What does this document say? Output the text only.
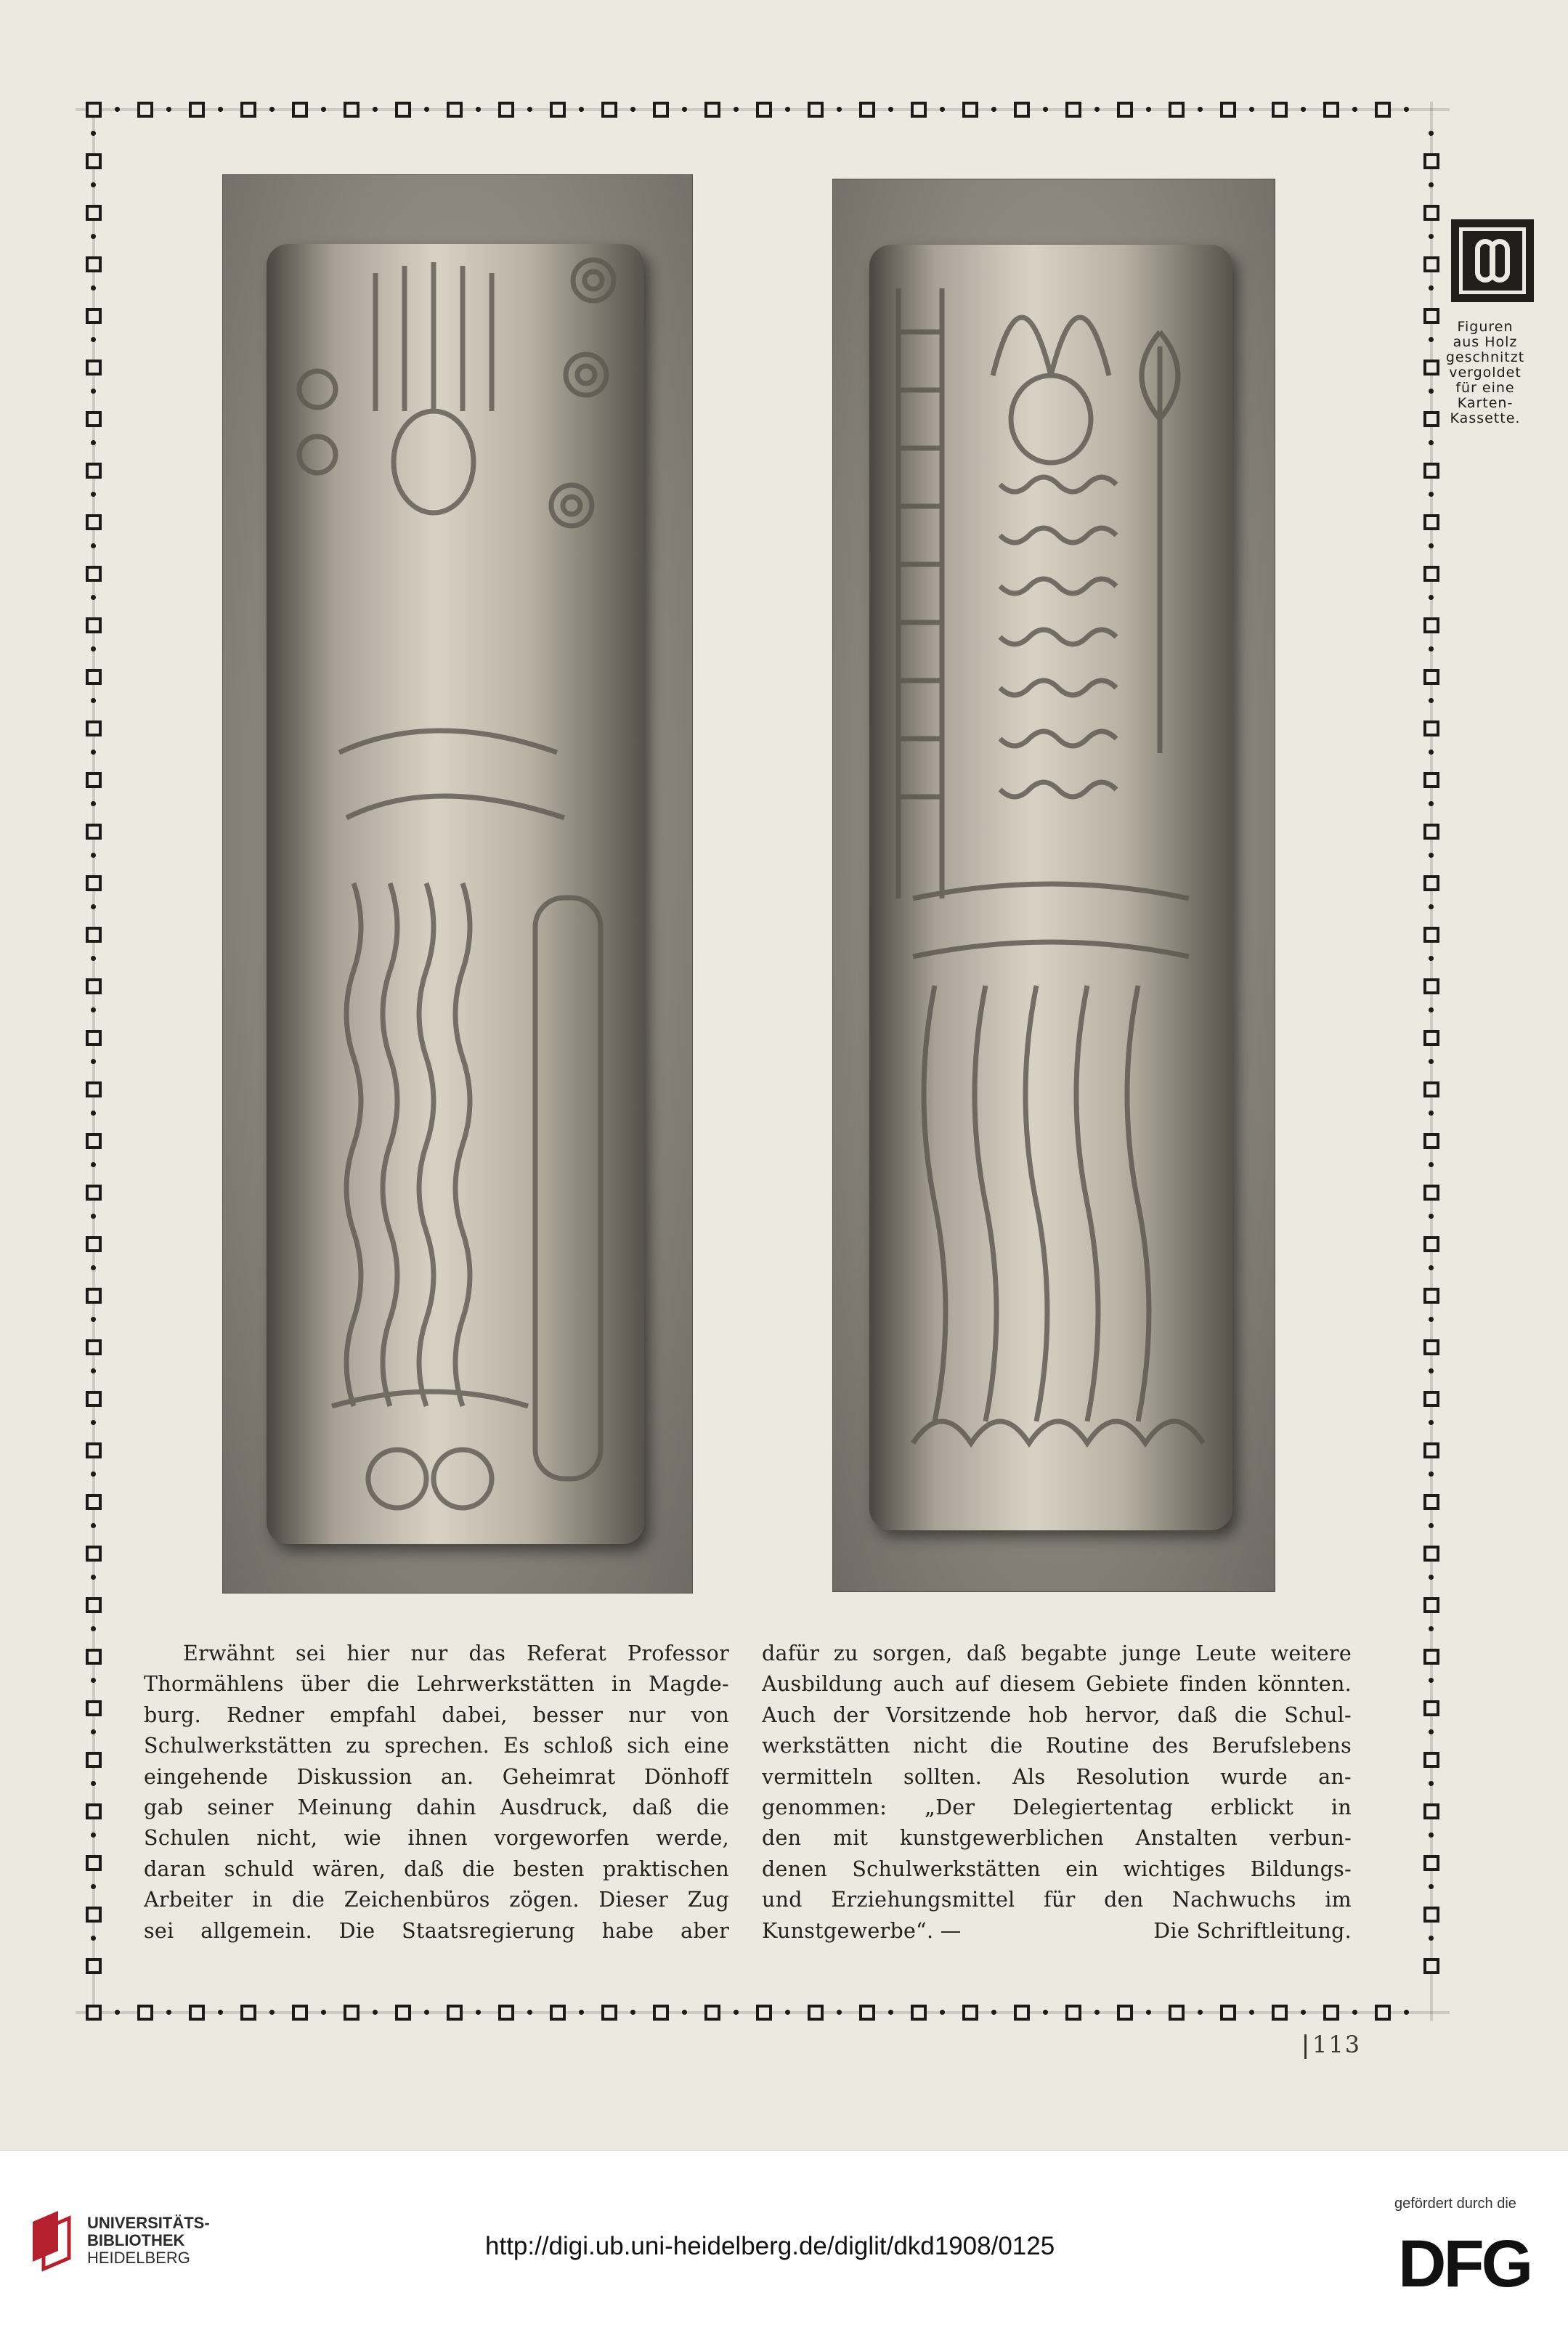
Figuren
aus Holz
geschnitzt
vergoldet
für eine
Karten-
Kassette.
Erwähnt sei hier nur das Referat Professor
Thormählens über die Lehrwerkstätten in Magde-
burg. Redner empfahl dabei, besser nur von
Schulwerkstätten zu sprechen. Es schloß sich eine
eingehende Diskussion an. Geheimrat Dönhoff
gab seiner Meinung dahin Ausdruck, daß die
Schulen nicht, wie ihnen vorgeworfen werde,
daran schuld wären, daß die besten praktischen
Arbeiter in die Zeichenbüros zögen. Dieser Zug
sei allgemein. Die Staatsregierung habe aber
dafür zu sorgen, daß begabte junge Leute weitere
Ausbildung auch auf diesem Gebiete finden könnten.
Auch der Vorsitzende hob hervor, daß die Schul-
werkstätten nicht die Routine des Berufslebens
vermitteln sollten. Als Resolution wurde an-
genommen: „Der Delegiertentag erblickt in
den mit kunstgewerblichen Anstalten verbun-
denen Schulwerkstätten ein wichtiges Bildungs-
und Erziehungsmittel für den Nachwuchs im
Kunstgewerbe“. —	Die Schriftleitung.
113
UNIVERSITÄTS-
BIBLIOTHEK
HEIDELBERG	http://digi.ub.uni-heidelberg.de/diglit/dkd1908/0125
gefördert durch die
DFG
